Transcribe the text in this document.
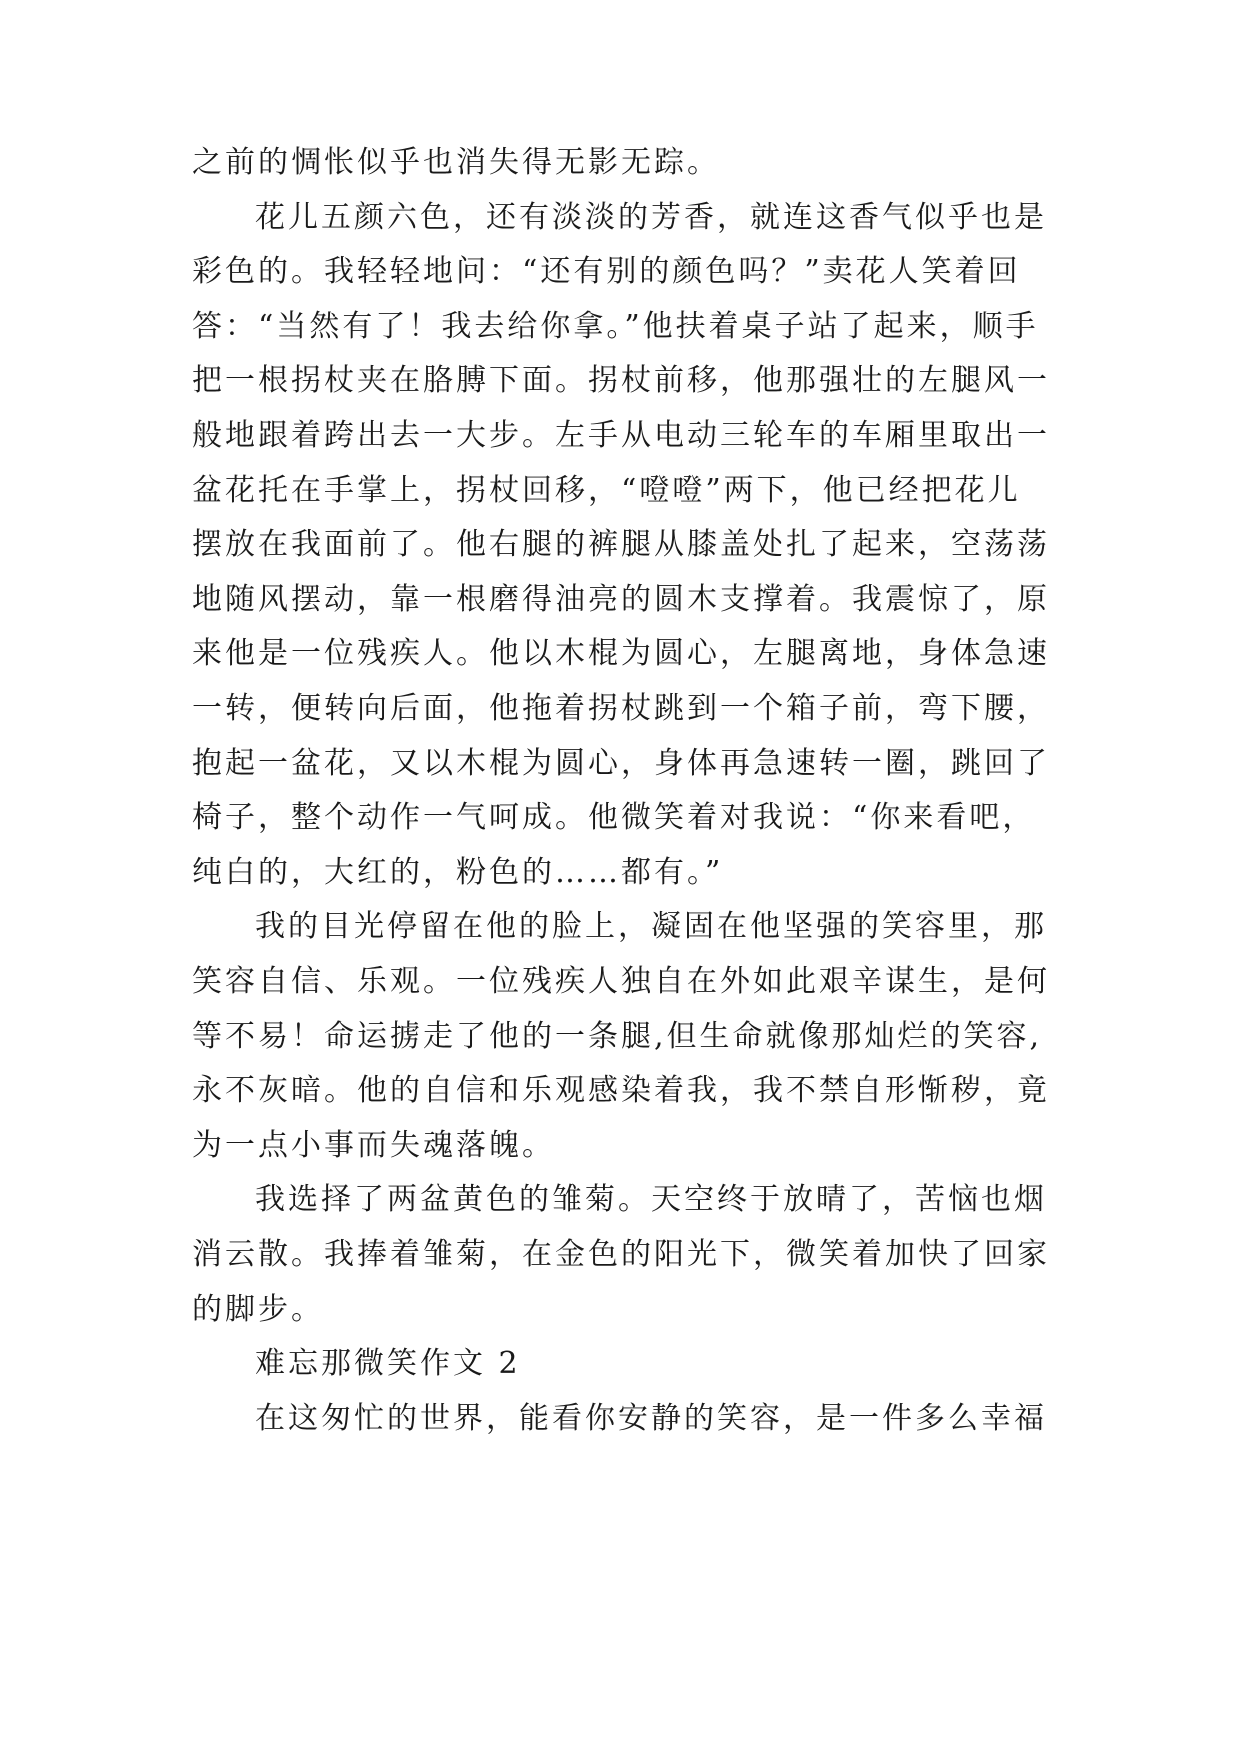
之前的惆怅似乎也消失得无影无踪。

花儿五颜六色，还有淡淡的芳香，就连这香气似乎也是

彩色的。我轻轻地问：“还有别的颜色吗？”卖花人笑着回

答：“当然有了！我去给你拿。”他扶着桌子站了起来，顺手

把一根拐杖夹在胳膊下面。拐杖前移，他那强壮的左腿风一

般地跟着跨出去一大步。左手从电动三轮车的车厢里取出一

盆花托在手掌上，拐杖回移，“噔噔”两下，他已经把花儿

摆放在我面前了。他右腿的裤腿从膝盖处扎了起来，空荡荡

地随风摆动，靠一根磨得油亮的圆木支撑着。我震惊了，原

来他是一位残疾人。他以木棍为圆心，左腿离地，身体急速

一转，便转向后面，他拖着拐杖跳到一个箱子前，弯下腰，

抱起一盆花，又以木棍为圆心，身体再急速转一圈，跳回了

椅子，整个动作一气呵成。他微笑着对我说：“你来看吧，

纯白的，大红的，粉色的……都有。”

我的目光停留在他的脸上，凝固在他坚强的笑容里，那

笑容自信、乐观。一位残疾人独自在外如此艰辛谋生，是何

等不易！命运掳走了他的一条腿,但生命就像那灿烂的笑容,

永不灰暗。他的自信和乐观感染着我，我不禁自形惭秽，竟

为一点小事而失魂落魄。

我选择了两盆黄色的雏菊。天空终于放晴了，苦恼也烟

消云散。我捧着雏菊，在金色的阳光下，微笑着加快了回家

的脚步。

难忘那微笑作文 2

在这匆忙的世界，能看你安静的笑容，是一件多么幸福
